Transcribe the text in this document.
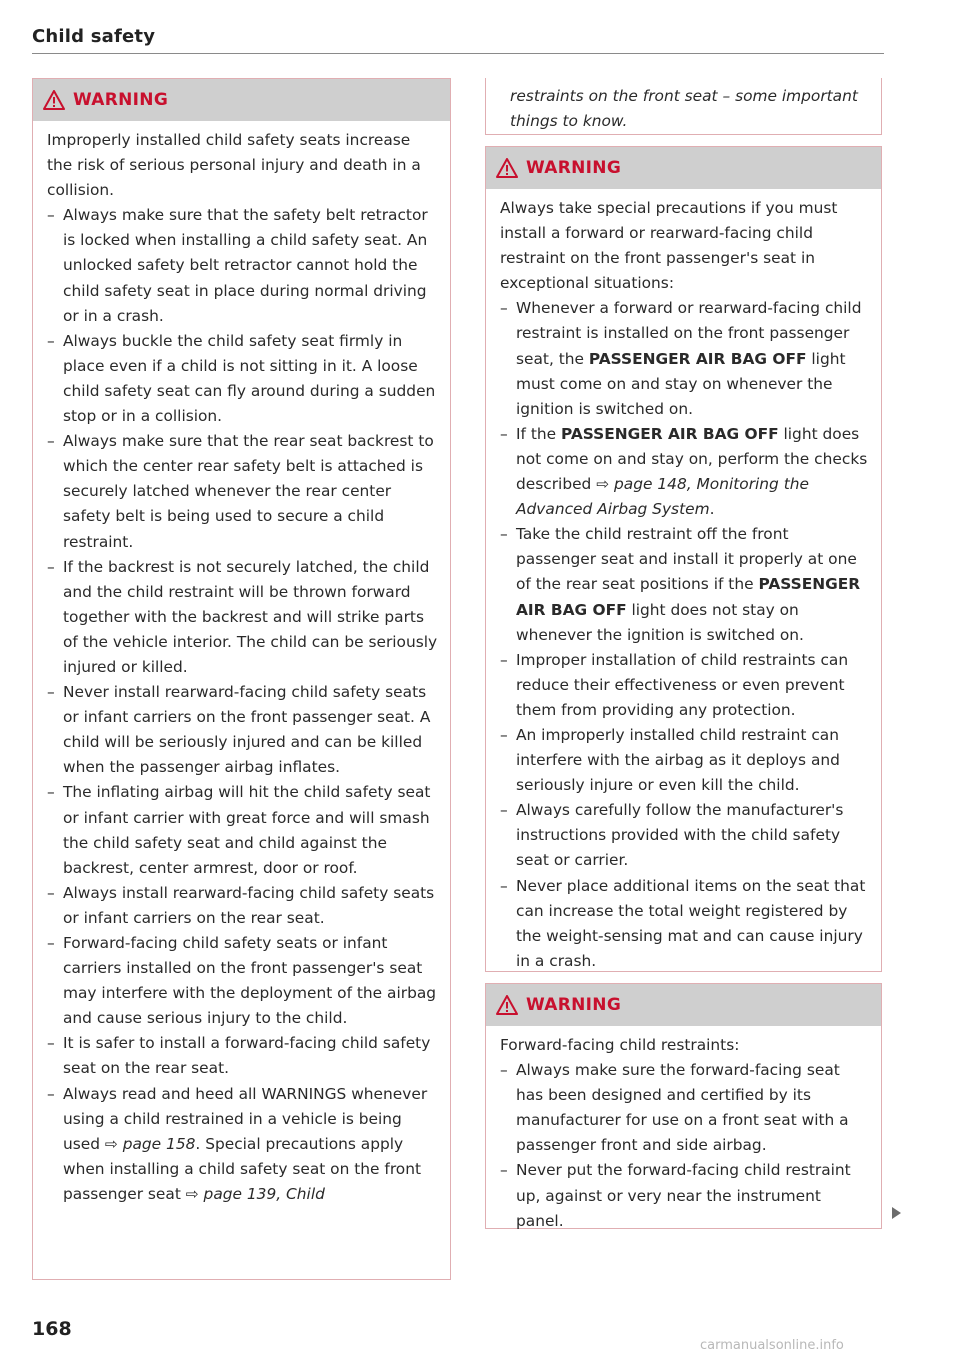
Child safety
WARNING

Improperly installed child safety seats increase the risk of serious personal injury and death in a collision.

– Always make sure that the safety belt retractor is locked when installing a child safety seat. An unlocked safety belt retractor cannot hold the child safety seat in place during normal driving or in a crash.
– Always buckle the child safety seat firmly in place even if a child is not sitting in it. A loose child safety seat can fly around during a sudden stop or in a collision.
– Always make sure that the rear seat backrest to which the center rear safety belt is attached is securely latched whenever the rear center safety belt is being used to secure a child restraint.
– If the backrest is not securely latched, the child and the child restraint will be thrown forward together with the backrest and will strike parts of the vehicle interior. The child can be seriously injured or killed.
– Never install rearward-facing child safety seats or infant carriers on the front passenger seat. A child will be seriously injured and can be killed when the passenger airbag inflates.
– The inflating airbag will hit the child safety seat or infant carrier with great force and will smash the child safety seat and child against the backrest, center armrest, door or roof.
– Always install rearward-facing child safety seats or infant carriers on the rear seat.
– Forward-facing child safety seats or infant carriers installed on the front passenger's seat may interfere with the deployment of the airbag and cause serious injury to the child.
– It is safer to install a forward-facing child safety seat on the rear seat.
– Always read and heed all WARNINGS whenever using a child restrained in a vehicle is being used ⇨ page 158. Special precautions apply when installing a child safety seat on the front passenger seat ⇨ page 139, Child
restraints on the front seat – some important things to know.
WARNING

Always take special precautions if you must install a forward or rearward-facing child restraint on the front passenger's seat in exceptional situations:

– Whenever a forward or rearward-facing child restraint is installed on the front passenger seat, the PASSENGER AIR BAG OFF light must come on and stay on whenever the ignition is switched on.
– If the PASSENGER AIR BAG OFF light does not come on and stay on, perform the checks described ⇨ page 148, Monitoring the Advanced Airbag System.
– Take the child restraint off the front passenger seat and install it properly at one of the rear seat positions if the PASSENGER AIR BAG OFF light does not stay on whenever the ignition is switched on.
– Improper installation of child restraints can reduce their effectiveness or even prevent them from providing any protection.
– An improperly installed child restraint can interfere with the airbag as it deploys and seriously injure or even kill the child.
– Always carefully follow the manufacturer's instructions provided with the child safety seat or carrier.
– Never place additional items on the seat that can increase the total weight registered by the weight-sensing mat and can cause injury in a crash.
WARNING

Forward-facing child restraints:

– Always make sure the forward-facing seat has been designed and certified by its manufacturer for use on a front seat with a passenger front and side airbag.
– Never put the forward-facing child restraint up, against or very near the instrument panel.
168
carmanualsonline.info
